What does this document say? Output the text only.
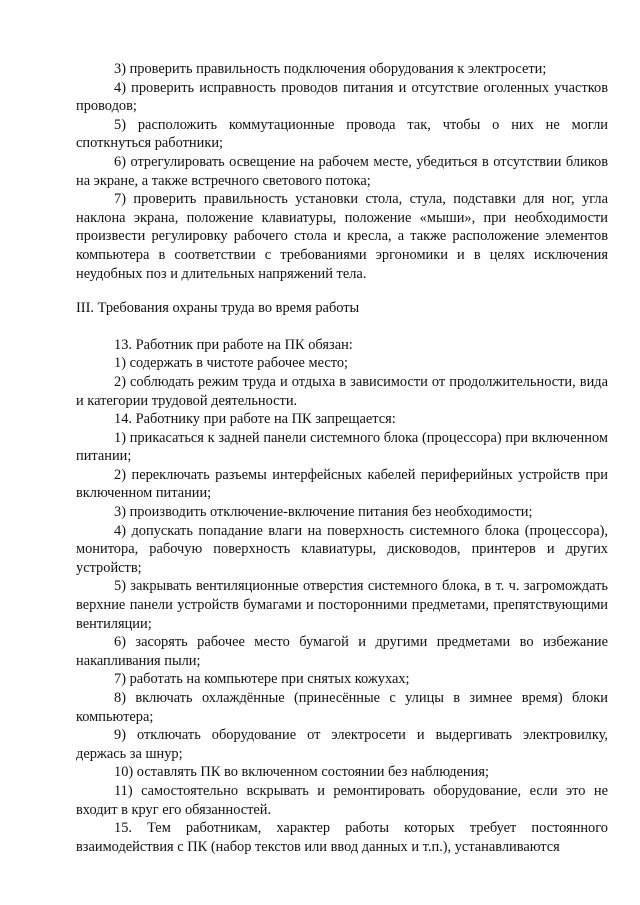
3) проверить правильность подключения оборудования к электросети;

4) проверить исправность проводов питания и отсутствие оголенных участков проводов;

5) расположить коммутационные провода так, чтобы о них не могли споткнуться работники;

6) отрегулировать освещение на рабочем месте, убедиться в отсутствии бликов на экране, а также встречного светового потока;

7) проверить правильность установки стола, стула, подставки для ног, угла наклона экрана, положение клавиатуры, положение «мыши», при необходимости произвести регулировку рабочего стола и кресла, а также расположение элементов компьютера в соответствии с требованиями эргономики и в целях исключения неудобных поз и длительных напряжений тела.

III. Требования охраны труда во время работы

13. Работник при работе на ПК обязан:

1) содержать в чистоте рабочее место;

2) соблюдать режим труда и отдыха в зависимости от продолжительности, вида и категории трудовой деятельности.

14. Работнику при работе на ПК запрещается:

1) прикасаться к задней панели системного блока (процессора) при включенном питании;

2) переключать разъемы интерфейсных кабелей периферийных устройств при включенном питании;

3) производить отключение-включение питания без необходимости;

4) допускать попадание влаги на поверхность системного блока (процессора), монитора, рабочую поверхность клавиатуры, дисководов, принтеров и других устройств;

5) закрывать вентиляционные отверстия системного блока, в т. ч. загромождать верхние панели устройств бумагами и посторонними предметами, препятствующими вентиляции;

6) засорять рабочее место бумагой и другими предметами во избежание накапливания пыли;

7) работать на компьютере при снятых кожухах;

8) включать охлаждённые (принесённые с улицы в зимнее время) блоки компьютера;

9) отключать оборудование от электросети и выдергивать электровилку, держась за шнур;

10) оставлять ПК во включенном состоянии без наблюдения;

11) самостоятельно вскрывать и ремонтировать оборудование, если это не входит в круг его обязанностей.

15. Тем работникам, характер работы которых требует постоянного взаимодействия с ПК (набор текстов или ввод данных и т.п.), устанавливаются
